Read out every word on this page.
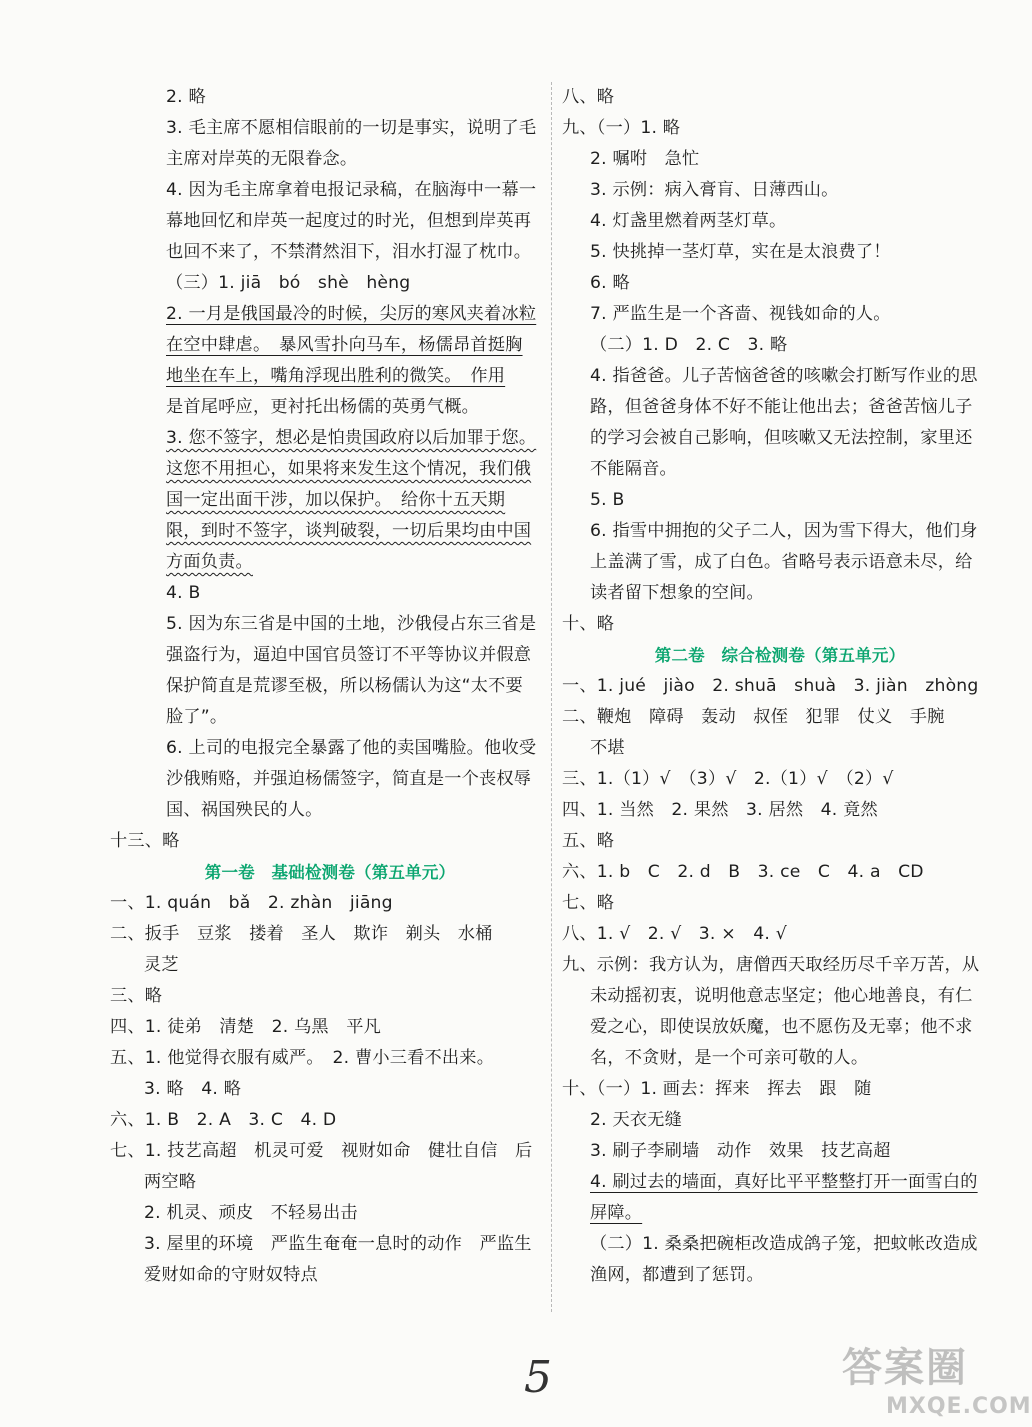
2. 略
3. 毛主席不愿相信眼前的一切是事实，说明了毛
主席对岸英的无限眷念。
4. 因为毛主席拿着电报记录稿，在脑海中一幕一
幕地回忆和岸英一起度过的时光，但想到岸英再
也回不来了，不禁潸然泪下，泪水打湿了枕巾。
（三）1. jiā　bó　shè　hèng
2. 一月是俄国最冷的时候，尖厉的寒风夹着冰粒
在空中肆虐。　暴风雪扑向马车，杨儒昂首挺胸
地坐在车上，嘴角浮现出胜利的微笑。　作用
是首尾呼应，更衬托出杨儒的英勇气概。
3. 您不签字，想必是怕贵国政府以后加罪于您。
这您不用担心，如果将来发生这个情况，我们俄
国一定出面干涉，加以保护。　给你十五天期
限，到时不签字，谈判破裂，一切后果均由中国
方面负责。
4. B
5. 因为东三省是中国的土地，沙俄侵占东三省是
强盗行为，逼迫中国官员签订不平等协议并假意
保护简直是荒谬至极，所以杨儒认为这“太不要
脸了”。
6. 上司的电报完全暴露了他的卖国嘴脸。他收受
沙俄贿赂，并强迫杨儒签字，简直是一个丧权辱
国、祸国殃民的人。
十三、略
第一卷　基础检测卷（第五单元）
一、1. quán　bǎ　2. zhàn　jiāng
二、扳手　豆浆　搂着　圣人　欺诈　剃头　水桶
灵芝
三、略
四、1. 徒弟　清楚　2. 乌黑　平凡
五、1. 他觉得衣服有威严。　2. 曹小三看不出来。
3. 略　4. 略
六、1. B　2. A　3. C　4. D
七、1. 技艺高超　机灵可爱　视财如命　健壮自信　后
两空略
2. 机灵、顽皮　不轻易出击
3. 屋里的环境　严监生奄奄一息时的动作　严监生
爱财如命的守财奴特点
八、略
九、（一）1. 略
2. 嘱咐　急忙
3. 示例：病入膏肓、日薄西山。
4. 灯盏里燃着两茎灯草。
5. 快挑掉一茎灯草，实在是太浪费了！
6. 略
7. 严监生是一个吝啬、视钱如命的人。
（二）1. D　2. C　3. 略
4. 指爸爸。儿子苦恼爸爸的咳嗽会打断写作业的思
路，但爸爸身体不好不能让他出去；爸爸苦恼儿子
的学习会被自己影响，但咳嗽又无法控制，家里还
不能隔音。
5. B
6. 指雪中拥抱的父子二人，因为雪下得大，他们身
上盖满了雪，成了白色。省略号表示语意未尽，给
读者留下想象的空间。
十、略
第二卷　综合检测卷（第五单元）
一、1. jué　jiào　2. shuā　shuà　3. jiàn　zhòng
二、鞭炮　障碍　轰动　叔侄　犯罪　仗义　手腕
不堪
三、1.（1）√　（3）√　2.（1）√　（2）√
四、1. 当然　2. 果然　3. 居然　4. 竟然
五、略
六、1. b　C　2. d　B　3. ce　C　4. a　CD
七、略
八、1. √　2. √　3. ×　4. √
九、示例：我方认为，唐僧西天取经历尽千辛万苦，从
未动摇初衷，说明他意志坚定；他心地善良，有仁
爱之心，即使误放妖魔，也不愿伤及无辜；他不求
名，不贪财，是一个可亲可敬的人。
十、（一）1. 画去：挥来　挥去　跟　随
2. 天衣无缝
3. 刷子李刷墙　动作　效果　技艺高超
4. 刷过去的墙面，真好比平平整整打开一面雪白的
屏障。
（二）1. 桑桑把碗柜改造成鸽子笼，把蚊帐改造成
渔网，都遭到了惩罚。
5	答案圈
MXQE.COM
